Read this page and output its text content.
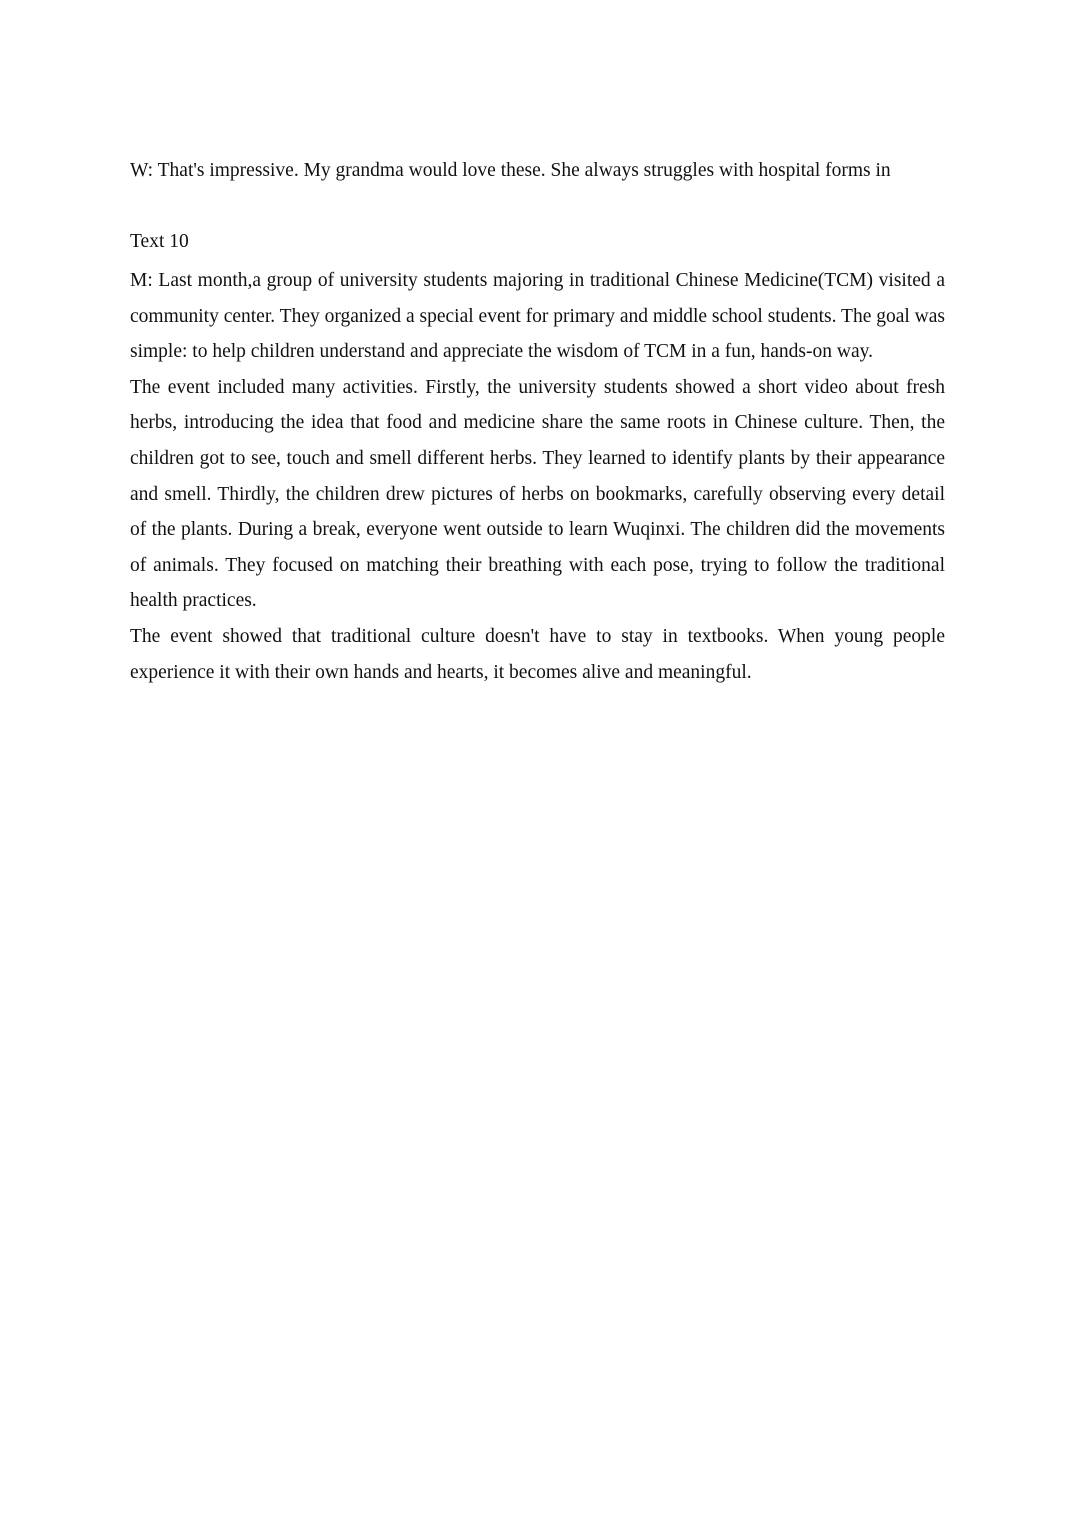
W: That's impressive. My grandma would love these. She always struggles with hospital forms in
Text 10

M: Last month,a group of university students majoring in traditional Chinese Medicine(TCM) visited a community center. They organized a special event for primary and middle school students. The goal was simple: to help children understand and appreciate the wisdom of TCM in a fun, hands-on way.

The event included many activities. Firstly, the university students showed a short video about fresh herbs, introducing the idea that food and medicine share the same roots in Chinese culture. Then, the children got to see, touch and smell different herbs. They learned to identify plants by their appearance and smell. Thirdly, the children drew pictures of herbs on bookmarks, carefully observing every detail of the plants. During a break, everyone went outside to learn Wuqinxi. The children did the movements of animals. They focused on matching their breathing with each pose, trying to follow the traditional health practices.

The event showed that traditional culture doesn't have to stay in textbooks. When young people experience it with their own hands and hearts, it becomes alive and meaningful.
